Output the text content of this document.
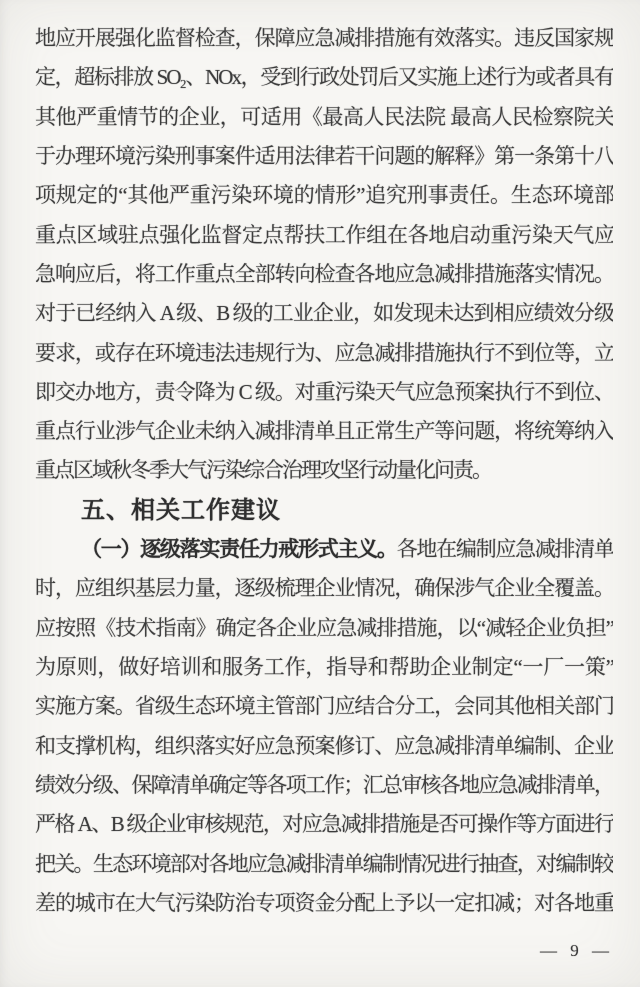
地应开展强化监督检查，保障应急减排措施有效落实。违反国家规
定，超标排放 SO₂、NOx，受到行政处罚后又实施上述行为或者具有
其他严重情节的企业，可适用《最高人民法院 最高人民检察院关
于办理环境污染刑事案件适用法律若干问题的解释》第一条第十八
项规定的“其他严重污染环境的情形”追究刑事责任。生态环境部
重点区域驻点强化监督定点帮扶工作组在各地启动重污染天气应
急响应后，将工作重点全部转向检查各地应急减排措施落实情况。
对于已经纳入 A 级、B 级的工业企业，如发现未达到相应绩效分级
要求，或存在环境违法违规行为、应急减排措施执行不到位等，立
即交办地方，责令降为 C 级。对重污染天气应急预案执行不到位、
重点行业涉气企业未纳入减排清单且正常生产等问题，将统筹纳入
重点区域秋冬季大气污染综合治理攻坚行动量化问责。
五、相关工作建议
（一）逐级落实责任力戒形式主义。各地在编制应急减排清单
时，应组织基层力量，逐级梳理企业情况，确保涉气企业全覆盖。
应按照《技术指南》确定各企业应急减排措施，以“减轻企业负担”
为原则，做好培训和服务工作，指导和帮助企业制定“一厂一策”
实施方案。省级生态环境主管部门应结合分工，会同其他相关部门
和支撑机构，组织落实好应急预案修订、应急减排清单编制、企业
绩效分级、保障清单确定等各项工作；汇总审核各地应急减排清单，
严格 A、B 级企业审核规范，对应急减排措施是否可操作等方面进行
把关。生态环境部对各地应急减排清单编制情况进行抽查，对编制较
差的城市在大气污染防治专项资金分配上予以一定扣减；对各地重
— 9 —
